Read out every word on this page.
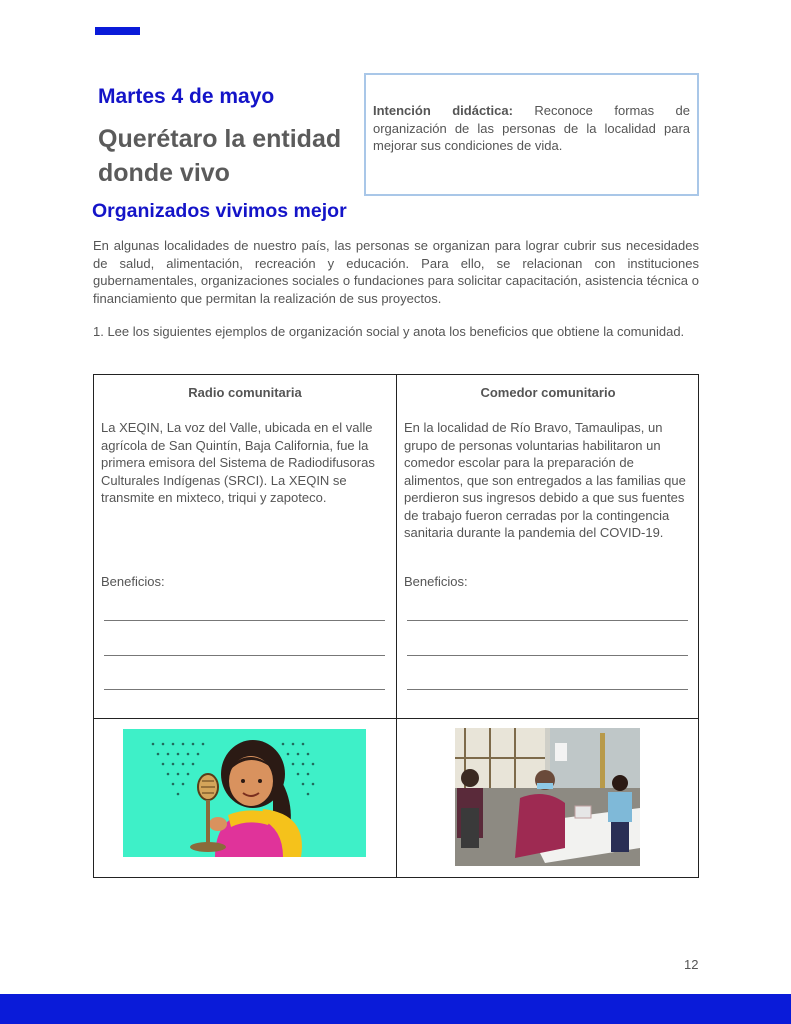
Martes 4 de mayo
Querétaro la entidad donde vivo
Intención didáctica: Reconoce formas de organización de las personas de la localidad para mejorar sus condiciones de vida.
Organizados vivimos mejor
En algunas localidades de nuestro país, las personas se organizan para lograr cubrir sus necesidades de salud, alimentación, recreación y educación. Para ello, se relacionan con instituciones gubernamentales, organizaciones sociales o fundaciones para solicitar capacitación, asistencia técnica o financiamiento que permitan la realización de sus proyectos.
1. Lee los siguientes ejemplos de organización social y anota los beneficios que obtiene la comunidad.
Radio comunitaria
La XEQIN, La voz del Valle, ubicada en el valle agrícola de San Quintín, Baja California, fue la primera emisora del Sistema de Radiodifusoras Culturales Indígenas (SRCI). La XEQIN se transmite en mixteco, triqui y zapoteco.
Beneficios:
Comedor comunitario
En la localidad de Río Bravo, Tamaulipas, un grupo de personas voluntarias habilitaron un comedor escolar para la preparación de alimentos, que son entregados a las familias que perdieron sus ingresos debido a que sus fuentes de trabajo fueron cerradas por la contingencia sanitaria durante la pandemia del COVID-19.
Beneficios:
12
